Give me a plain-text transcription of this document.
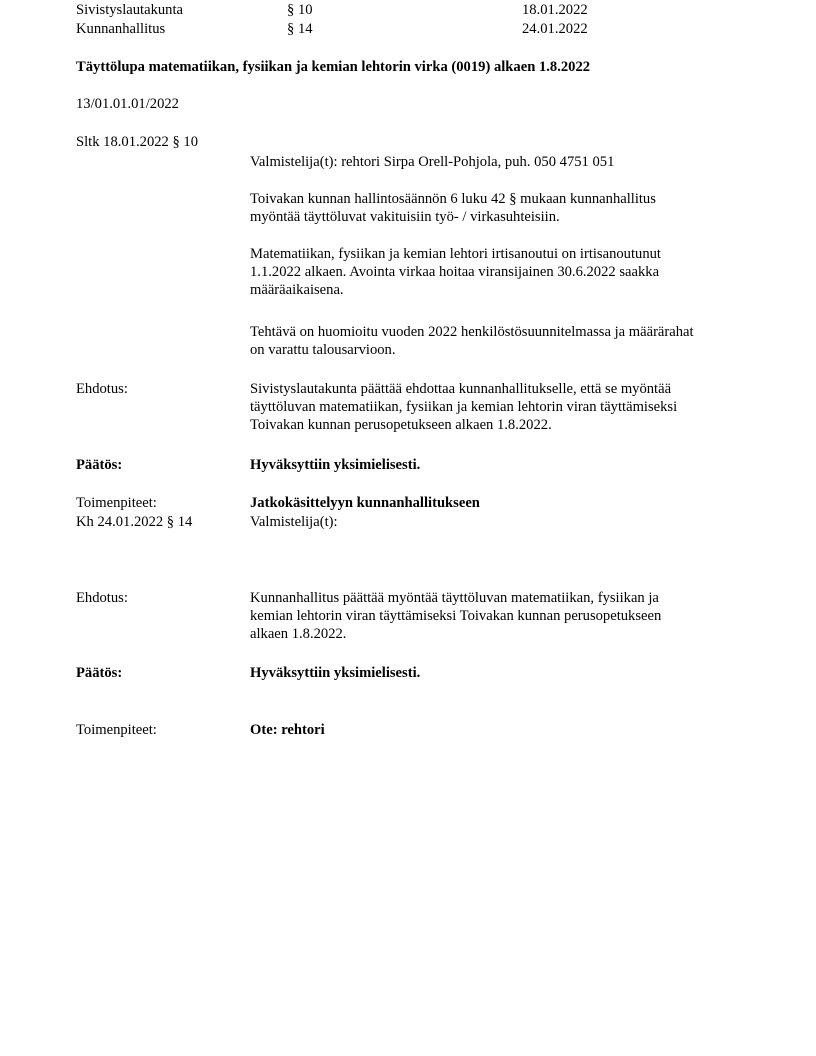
Sivistyslautakunta	§ 10	18.01.2022
Kunnanhallitus	§ 14	24.01.2022
Täyttölupa matematiikan, fysiikan ja kemian lehtorin virka (0019) alkaen 1.8.2022
13/01.01.01/2022
Sltk 18.01.2022 § 10
Valmistelija(t): rehtori Sirpa Orell-Pohjola, puh. 050 4751 051
Toivakan kunnan hallintosäännön 6 luku 42 § mukaan kunnanhallitus
myöntää täyttöluvat vakituisiin työ- / virkasuhteisiin.
Matematiikan, fysiikan ja kemian lehtori irtisanoutui on irtisanoutunut
1.1.2022 alkaen. Avointa virkaa hoitaa viransijainen 30.6.2022 saakka
määräaikaisena.
Tehtävä on huomioitu vuoden 2022 henkilöstösuunnitelmassa ja määrärahat
on varattu talousarvioon.
Ehdotus:	Sivistyslautakunta päättää ehdottaa kunnanhallitukselle, että se myöntää
täyttöluvan matematiikan, fysiikan ja kemian lehtorin viran täyttämiseksi
Toivakan kunnan perusopetukseen alkaen 1.8.2022.
Päätös:	Hyväksyttiin yksimielisesti.
Toimenpiteet:	Jatkokäsittelyyn kunnanhallitukseen
Kh 24.01.2022 § 14	Valmistelija(t):
Ehdotus:	Kunnanhallitus päättää myöntää täyttöluvan matematiikan, fysiikan ja
kemian lehtorin viran täyttämiseksi Toivakan kunnan perusopetukseen
alkaen 1.8.2022.
Päätös:	Hyväksyttiin yksimielisesti.
Toimenpiteet:	Ote: rehtori
